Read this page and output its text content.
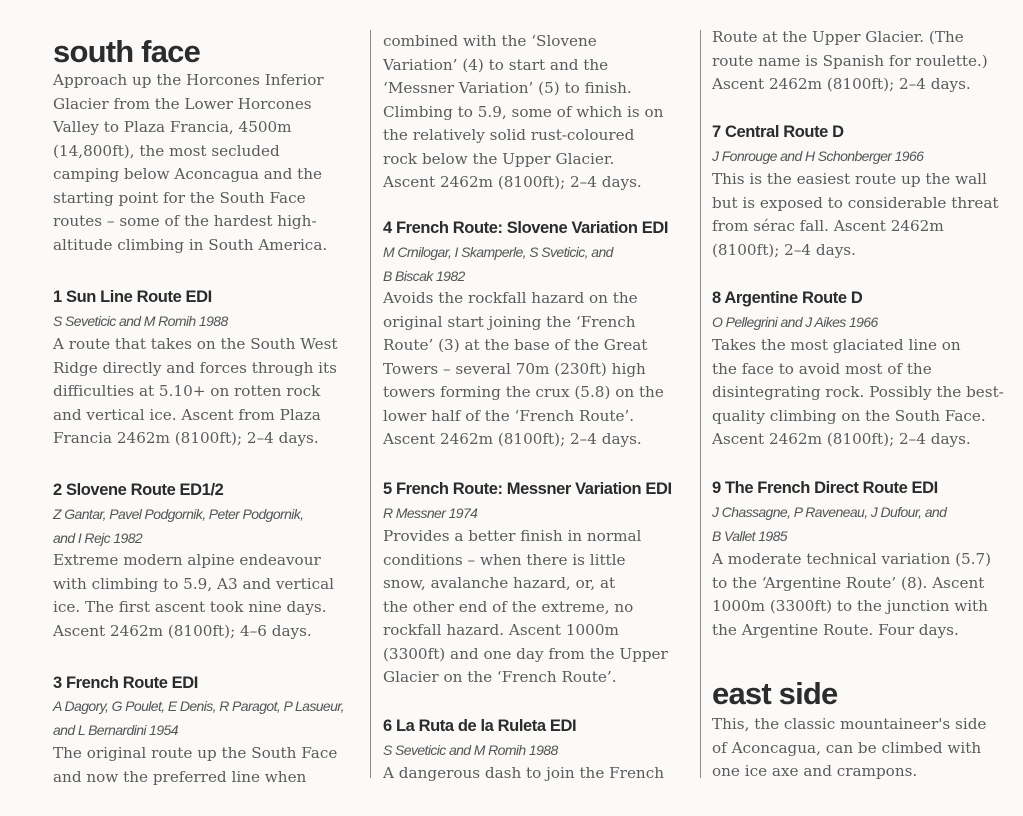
south face
Approach up the Horcones Inferior
Glacier from the Lower Horcones
Valley to Plaza Francia, 4500m
(14,800ft), the most secluded
camping below Aconcagua and the
starting point for the South Face
routes – some of the hardest high-
altitude climbing in South America.
1 Sun Line Route EDI
S Seveticic and M Romih 1988
A route that takes on the South West
Ridge directly and forces through its
difficulties at 5.10+ on rotten rock
and vertical ice. Ascent from Plaza
Francia 2462m (8100ft); 2–4 days.
2 Slovene Route ED1/2
Z Gantar, Pavel Podgornik, Peter Podgornik,
and I Rejc 1982
Extreme modern alpine endeavour
with climbing to 5.9, A3 and vertical
ice. The first ascent took nine days.
Ascent 2462m (8100ft); 4–6 days.
3 French Route EDI
A Dagory, G Poulet, E Denis, R Paragot, P Lasueur,
and L Bernardini 1954
The original route up the South Face
and now the preferred line when
combined with the ‘Slovene
Variation’ (4) to start and the
‘Messner Variation’ (5) to finish.
Climbing to 5.9, some of which is on
the relatively solid rust-coloured
rock below the Upper Glacier.
Ascent 2462m (8100ft); 2–4 days.
4 French Route: Slovene Variation EDI
M Crnilogar, I Skamperle, S Sveticic, and
B Biscak 1982
Avoids the rockfall hazard on the
original start joining the ‘French
Route’ (3) at the base of the Great
Towers – several 70m (230ft) high
towers forming the crux (5.8) on the
lower half of the ‘French Route’.
Ascent 2462m (8100ft); 2–4 days.
5 French Route: Messner Variation EDI
R Messner 1974
Provides a better finish in normal
conditions – when there is little
snow, avalanche hazard, or, at
the other end of the extreme, no
rockfall hazard. Ascent 1000m
(3300ft) and one day from the Upper
Glacier on the ‘French Route’.
6 La Ruta de la Ruleta EDI
S Seveticic and M Romih 1988
A dangerous dash to join the French
Route at the Upper Glacier. (The
route name is Spanish for roulette.)
Ascent 2462m (8100ft); 2–4 days.
7 Central Route D
J Fonrouge and H Schonberger 1966
This is the easiest route up the wall
but is exposed to considerable threat
from sérac fall. Ascent 2462m
(8100ft); 2–4 days.
8 Argentine Route D
O Pellegrini and J Aikes 1966
Takes the most glaciated line on
the face to avoid most of the
disintegrating rock. Possibly the best-
quality climbing on the South Face.
Ascent 2462m (8100ft); 2–4 days.
9 The French Direct Route EDI
J Chassagne, P Raveneau, J Dufour, and
B Vallet 1985
A moderate technical variation (5.7)
to the ‘Argentine Route’ (8). Ascent
1000m (3300ft) to the junction with
the Argentine Route. Four days.
east side
This, the classic mountaineer's side
of Aconcagua, can be climbed with
one ice axe and crampons.
